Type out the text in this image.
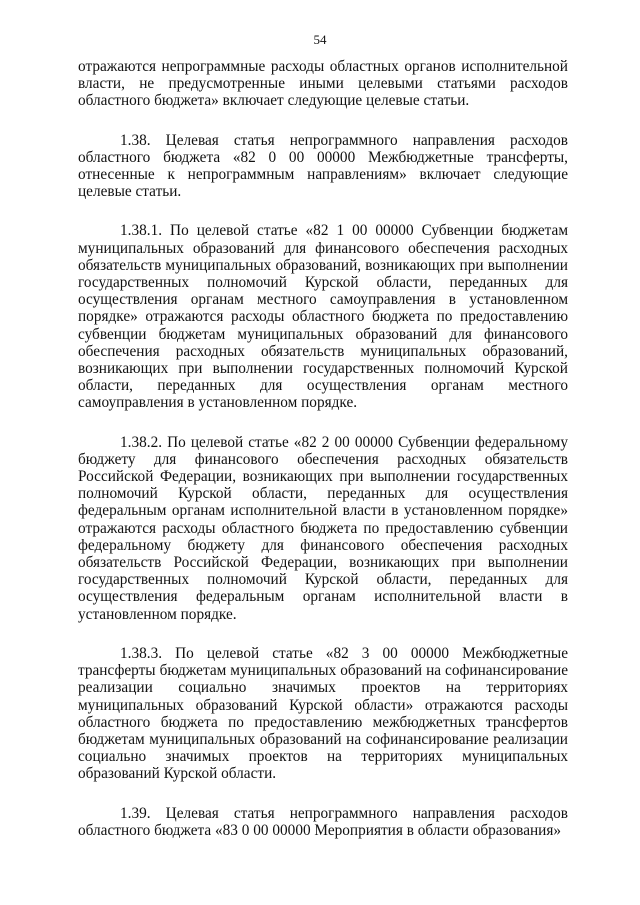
54

отражаются непрограммные расходы областных органов исполнительной власти, не предусмотренные иными целевыми статьями расходов областного бюджета» включает следующие целевые статьи.

1.38. Целевая статья непрограммного направления расходов областного бюджета «82 0 00 00000 Межбюджетные трансферты, отнесенные к непрограммным направлениям» включает следующие целевые статьи.

1.38.1. По целевой статье «82 1 00 00000 Субвенции бюджетам муниципальных образований для финансового обеспечения расходных обязательств муниципальных образований, возникающих при выполнении государственных полномочий Курской области, переданных для осуществления органам местного самоуправления в установленном порядке» отражаются расходы областного бюджета по предоставлению субвенции бюджетам муниципальных образований для финансового обеспечения расходных обязательств муниципальных образований, возникающих при выполнении государственных полномочий Курской области, переданных для осуществления органам местного самоуправления в установленном порядке.

1.38.2. По целевой статье «82 2 00 00000 Субвенции федеральному бюджету для финансового обеспечения расходных обязательств Российской Федерации, возникающих при выполнении государственных полномочий Курской области, переданных для осуществления федеральным органам исполнительной власти в установленном порядке» отражаются расходы областного бюджета по предоставлению субвенции федеральному бюджету для финансового обеспечения расходных обязательств Российской Федерации, возникающих при выполнении государственных полномочий Курской области, переданных для осуществления федеральным органам исполнительной власти в установленном порядке.

1.38.3. По целевой статье «82 3 00 00000 Межбюджетные трансферты бюджетам муниципальных образований на софинансирование реализации социально значимых проектов на территориях муниципальных образований Курской области» отражаются расходы областного бюджета по предоставлению межбюджетных трансфертов бюджетам муниципальных образований на софинансирование реализации социально значимых проектов на территориях муниципальных образований Курской области.

1.39. Целевая статья непрограммного направления расходов областного бюджета «83 0 00 00000 Мероприятия в области образования»
